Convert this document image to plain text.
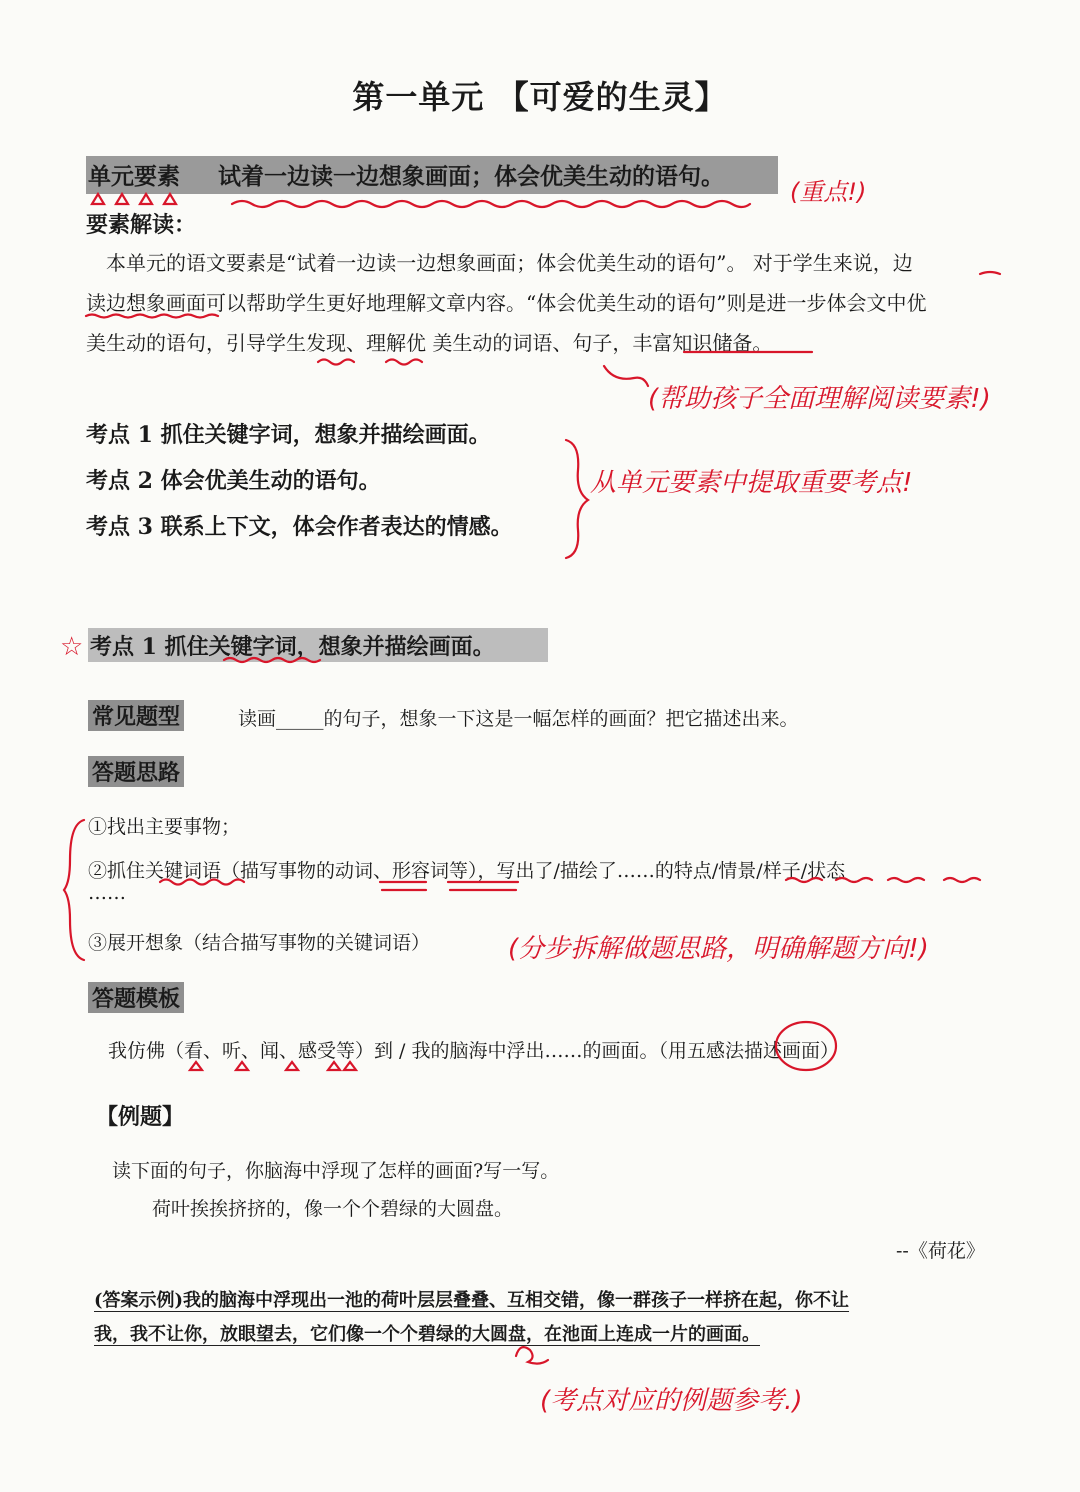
第一单元 【可爱的生灵】
单元要素 试着一边读一边想象画面；体会优美生动的语句。
(重点!)
要素解读：
本单元的语文要素是“试着一边读一边想象画面；体会优美生动的语句”。 对于学生来说，边
读边想象画面可以帮助学生更好地理解文章内容。“体会优美生动的语句”则是进一步体会文中优
美生动的语句，引导学生发现、理解优 美生动的词语、句子，丰富知识储备。
(帮助孩子全面理解阅读要素!)
考点 1 抓住关键字词，想象并描绘画面。
考点 2 体会优美生动的语句。
考点 3 联系上下文，体会作者表达的情感。
从单元要素中提取重要考点!
☆ 考点 1 抓住关键字词，想象并描绘画面。
常见题型	读画_____的句子，想象一下这是一幅怎样的画面？把它描述出来。
答题思路
①找出主要事物；
②抓住关键词语（描写事物的动词、形容词等），写出了/描绘了……的特点/情景/样子/状态
……
③展开想象（结合描写事物的关键词语）	(分步拆解做题思路，明确解题方向!)
答题模板
我仿佛（看、听、闻、感受等）到 / 我的脑海中浮出……的画面。（用五感法描述画面）
【例题】
读下面的句子，你脑海中浮现了怎样的画面?写一写。
荷叶挨挨挤挤的，像一个个碧绿的大圆盘。
--《荷花》
(答案示例)我的脑海中浮现出一池的荷叶层层叠叠、互相交错，像一群孩子一样挤在起，你不让
我，我不让你，放眼望去，它们像一个个碧绿的大圆盘，在池面上连成一片的画面。
(考点对应的例题参考.)
